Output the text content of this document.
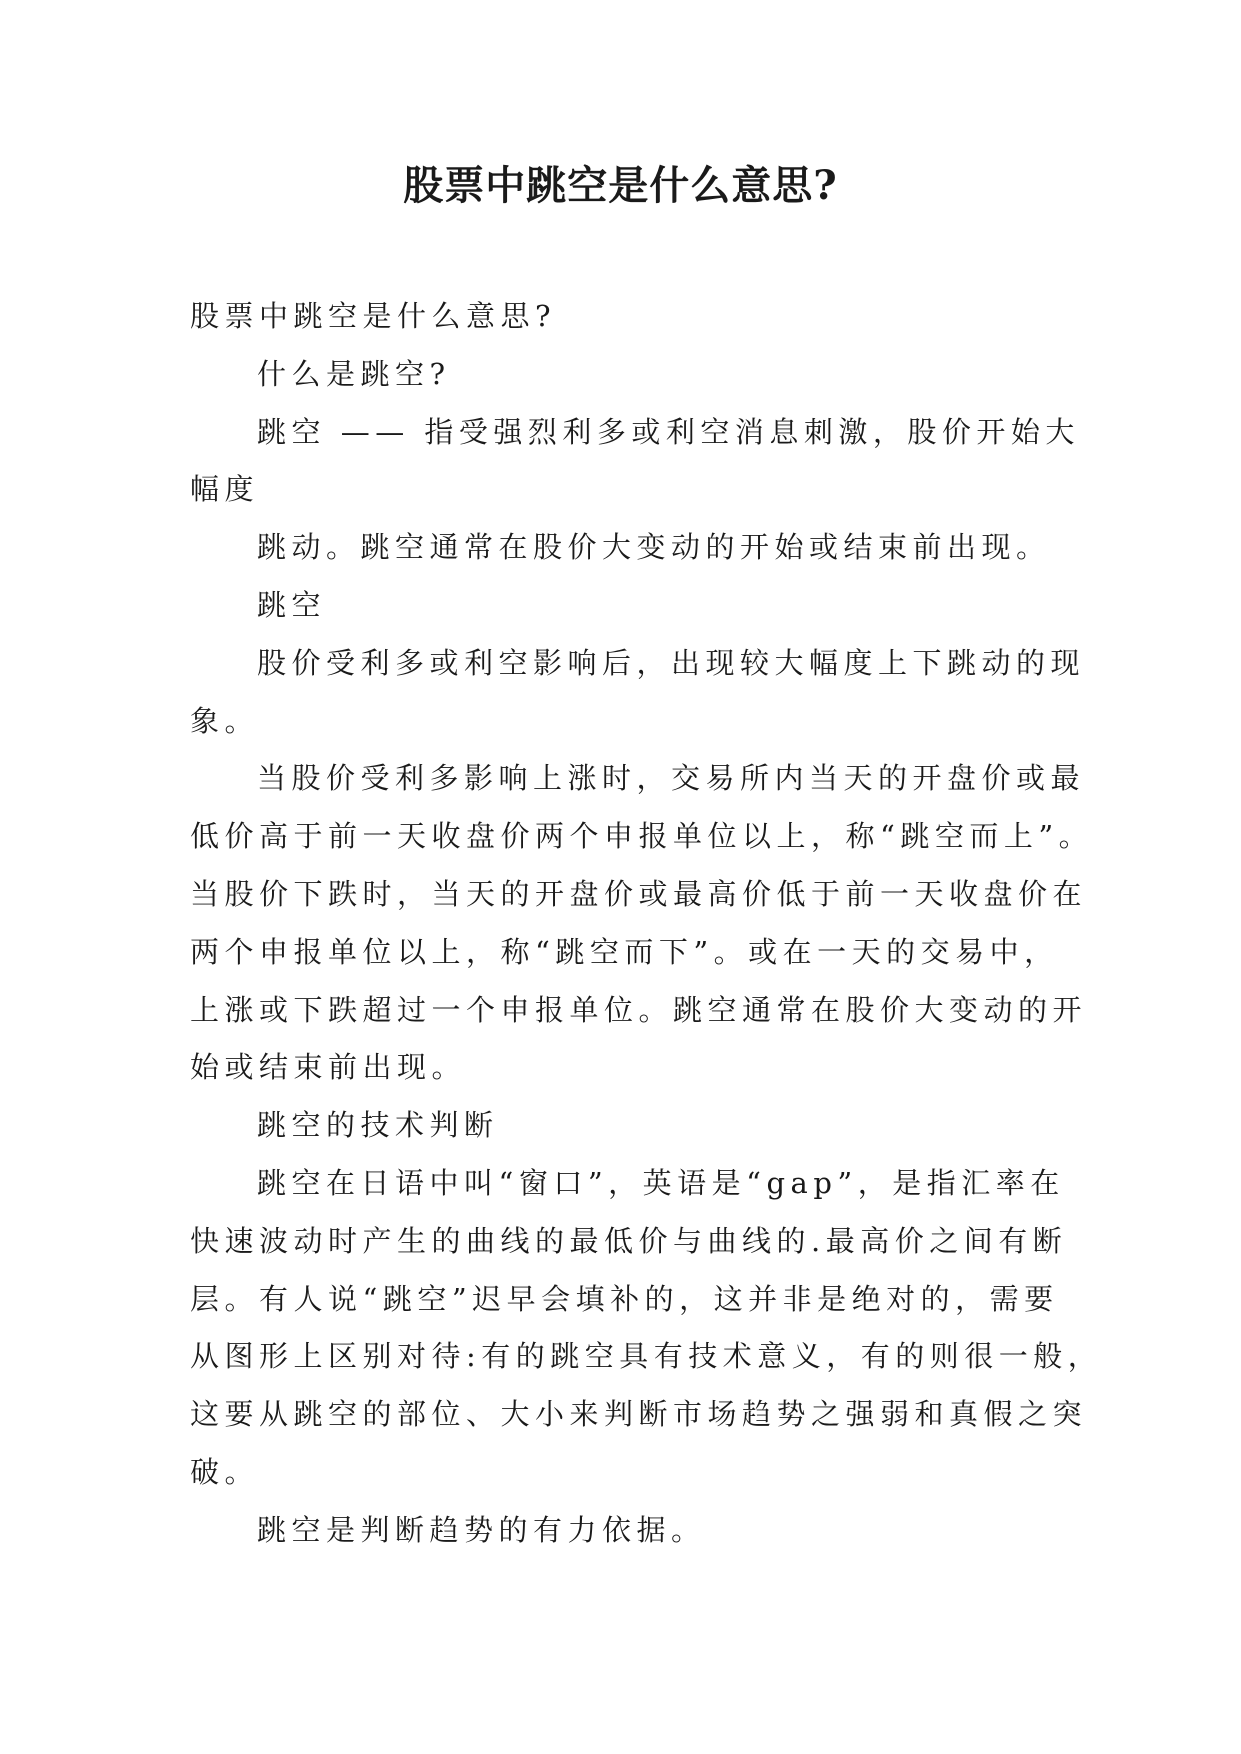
股票中跳空是什么意思?

股票中跳空是什么意思?

什么是跳空?

跳空 —— 指受强烈利多或利空消息刺激，股价开始大

幅度

跳动。跳空通常在股价大变动的开始或结束前出现。

跳空

股价受利多或利空影响后，出现较大幅度上下跳动的现

象。

当股价受利多影响上涨时，交易所内当天的开盘价或最

低价高于前一天收盘价两个申报单位以上，称“跳空而上”。

当股价下跌时，当天的开盘价或最高价低于前一天收盘价在

两个申报单位以上，称“跳空而下”。或在一天的交易中，

上涨或下跌超过一个申报单位。跳空通常在股价大变动的开

始或结束前出现。

跳空的技术判断

跳空在日语中叫“窗口”，英语是“gap”，是指汇率在

快速波动时产生的曲线的最低价与曲线的.最高价之间有断

层。有人说“跳空”迟早会填补的，这并非是绝对的，需要

从图形上区别对待:有的跳空具有技术意义，有的则很一般，

这要从跳空的部位、大小来判断市场趋势之强弱和真假之突

破。

跳空是判断趋势的有力依据。
